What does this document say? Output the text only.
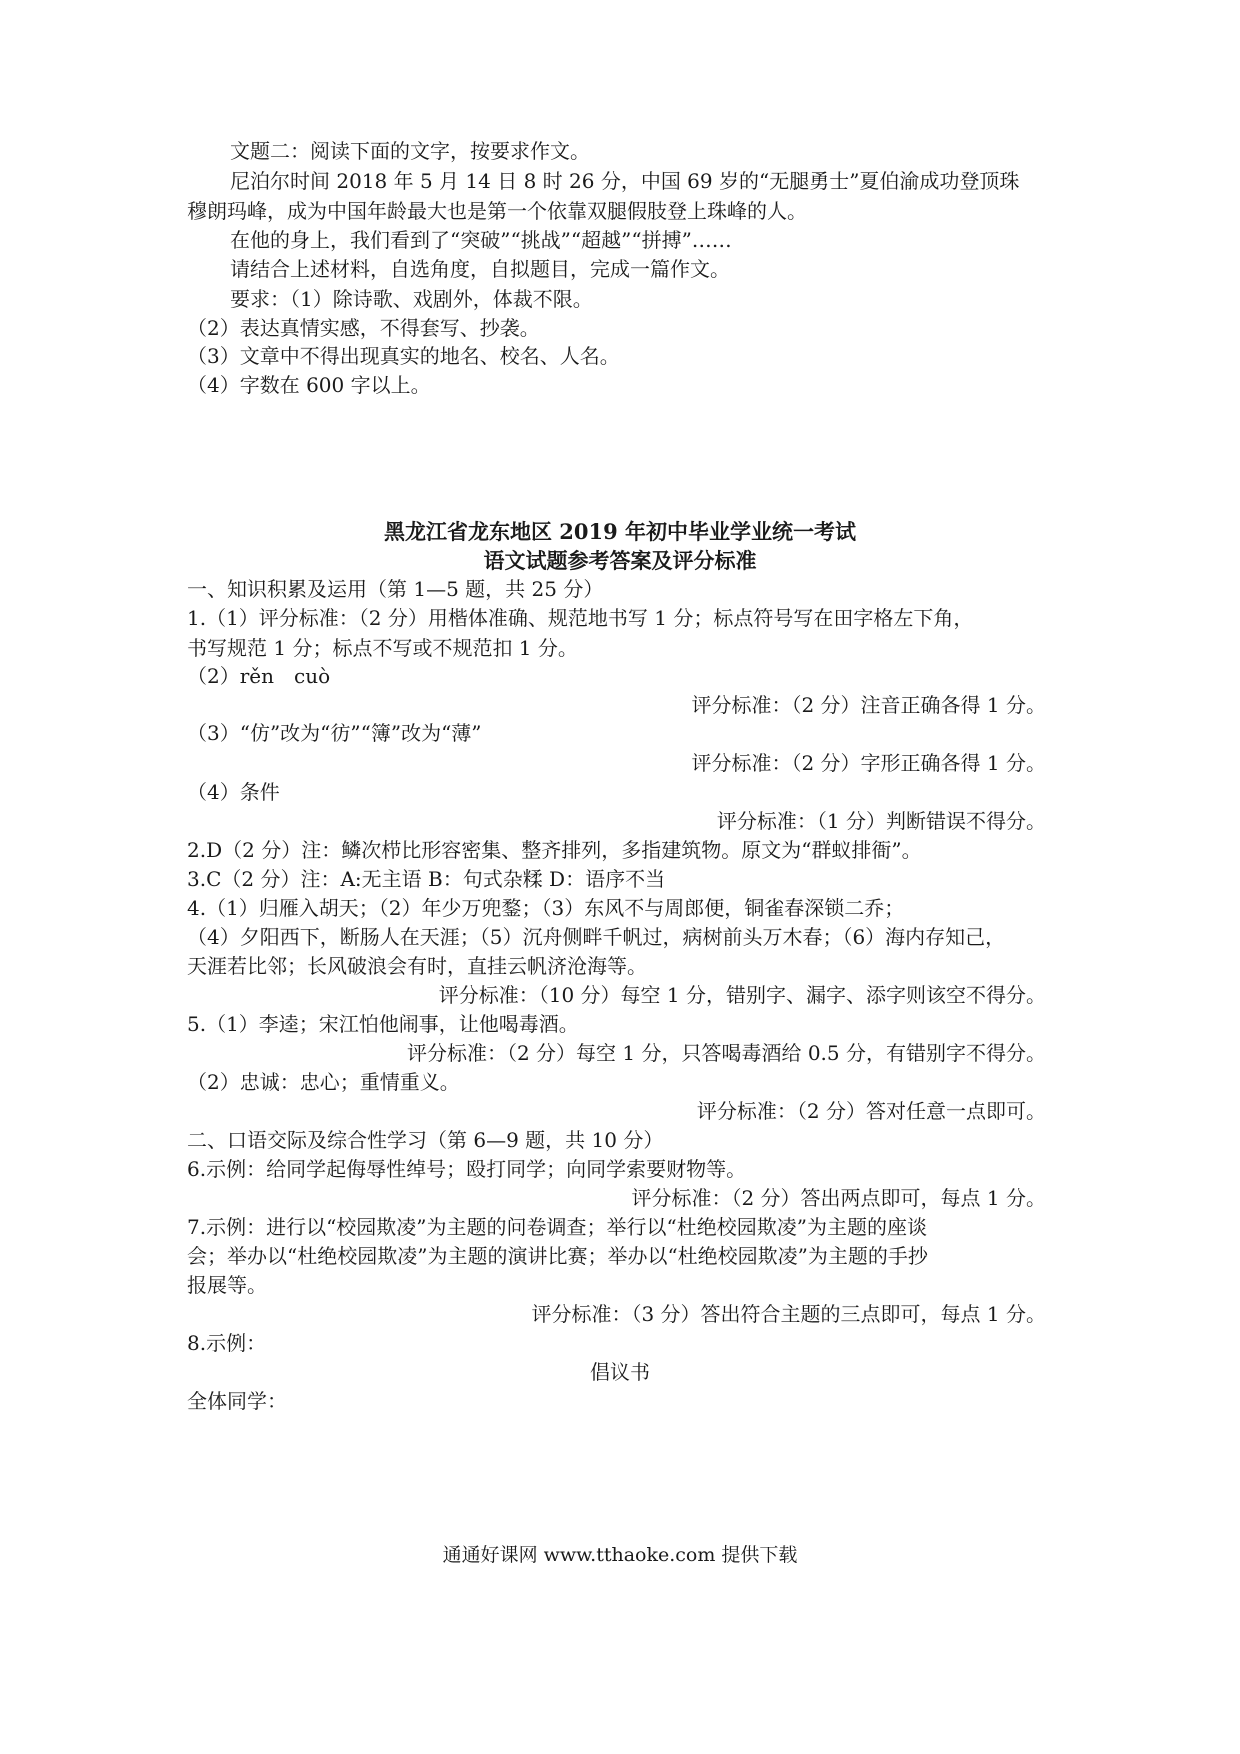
文题二：阅读下面的文字，按要求作文。
尼泊尔时间 2018 年 5 月 14 日 8 时 26 分，中国 69 岁的“无腿勇士”夏伯渝成功登顶珠
穆朗玛峰，成为中国年龄最大也是第一个依靠双腿假肢登上珠峰的人。
在他的身上，我们看到了“突破”“挑战”“超越”“拼搏”……
请结合上述材料，自选角度，自拟题目，完成一篇作文。
要求：（1）除诗歌、戏剧外，体裁不限。
（2）表达真情实感，不得套写、抄袭。
（3）文章中不得出现真实的地名、校名、人名。
（4）字数在 600 字以上。
黑龙江省龙东地区 2019 年初中毕业学业统一考试
语文试题参考答案及评分标准
一、知识积累及运用（第 1—5 题，共 25 分）
1.（1）评分标准：（2 分）用楷体准确、规范地书写 1 分；标点符号写在田字格左下角，
书写规范 1 分；标点不写或不规范扣 1 分。
（2）rěn　cuò
评分标准：（2 分）注音正确各得 1 分。
（3）“仿”改为“彷”“簿”改为“薄”
评分标准：（2 分）字形正确各得 1 分。
（4）条件
评分标准：（1 分）判断错误不得分。
2.D（2 分）注：鳞次栉比形容密集、整齐排列，多指建筑物。原文为“群蚁排衙”。
3.C（2 分）注：A:无主语 B：句式杂糅 D：语序不当
4.（1）归雁入胡天；（2）年少万兜鍪；（3）东风不与周郎便，铜雀春深锁二乔；
（4）夕阳西下，断肠人在天涯；（5）沉舟侧畔千帆过，病树前头万木春；（6）海内存知己，
天涯若比邻；长风破浪会有时，直挂云帆济沧海等。
评分标准：（10 分）每空 1 分，错别字、漏字、添字则该空不得分。
5.（1）李逵；宋江怕他闹事，让他喝毒酒。
评分标准：（2 分）每空 1 分，只答喝毒酒给 0.5 分，有错别字不得分。
（2）忠诚：忠心；重情重义。
评分标准：（2 分）答对任意一点即可。
二、口语交际及综合性学习（第 6—9 题，共 10 分）
6.示例：给同学起侮辱性绰号；殴打同学；向同学索要财物等。
评分标准：（2 分）答出两点即可，每点 1 分。
7.示例：进行以“校园欺凌”为主题的问卷调查；举行以“杜绝校园欺凌”为主题的座谈
会；举办以“杜绝校园欺凌”为主题的演讲比赛；举办以“杜绝校园欺凌”为主题的手抄
报展等。
评分标准：（3 分）答出符合主题的三点即可，每点 1 分。
8.示例：
倡议书
全体同学：
通通好课网 www.tthaoke.com 提供下载
